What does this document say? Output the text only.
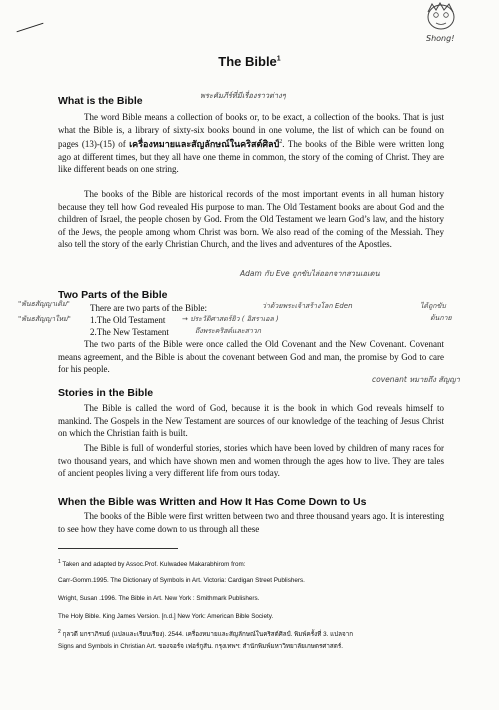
Shong!
The Bible$^1$
What is the Bible	พระคัมภีร์ที่มีเรื่องราวต่างๆ
The word Bible means a collection of books or, to be exact, a collection of the books. That is just what the Bible is, a library of sixty-six books bound in one volume, the list of which can be found on pages (13)-(15) of เครื่องหมายและสัญลักษณ์ในคริสต์ศิลป์$^2$. The books of the Bible were written long ago at different times, but they all have one theme in common, the story of the coming of Christ. They are like different beads on one string.
The books of the Bible are historical records of the most important events in all human history because they tell how God revealed His purpose to man. The Old Testament books are about God and the children of Israel, the people chosen by God. From the Old Testament we learn God’s law, and the history of the Jews, the people among whom Christ was born. We also read of the coming of the Messiah. They also tell the story of the early Christian Church, and the lives and adventures of the Apostles.
Adam กับ Eve ถูกขับไล่ออกจากสวนเอเดน
Two Parts of the Bible
"พันธสัญญาเดิม"
"พันธสัญญาใหม่"
There are two parts of the Bible:	ว่าด้วยพระเจ้าสร้างโลก Eden	ได้ถูกขับ
1.The Old Testament → ประวัติศาสตร์ยิว ( อิสราเอล )	ต้นกาย
2.The New Testament	ถึงพระคริสต์และสาวก
The two parts of the Bible were once called the Old Covenant and the New Covenant. Covenant means agreement, and the Bible is about the covenant between God and man, the promise by God to care for his people.
covenant หมายถึง สัญญา
Stories in the Bible
The Bible is called the word of God, because it is the book in which God reveals himself to mankind. The Gospels in the New Testament are sources of our knowledge of the teaching of Jesus Christ on which the Christian faith is built.
The Bible is full of wonderful stories, stories which have been loved by children of many races for two thousand years, and which have shown men and women through the ages how to live. They are tales of ancient peoples living a very different life from ours today.
When the Bible was Written and How It Has Come Down to Us
The books of the Bible were first written between two and three thousand years ago. It is interesting to see how they have come down to us through all these
$^1$ Taken and adapted by Assoc.Prof. Kulwadee Makarabhirom from:
Carr-Gomm.1995. The Dictionary of Symbols in Art. Victoria: Cardigan Street Publishers.
Wright, Susan .1996. The Bible in Art. New York : Smithmark Publishers.
The Holy Bible. King James Version. [n.d.] New York: American Bible Society.
$^2$ กุลวดี มกราภิรมย์ (แปลและเรียบเรียง). 2544. เครื่องหมายและสัญลักษณ์ในคริสต์ศิลป์. พิมพ์ครั้งที่ 3. แปลจาก
Signs and Symbols in Christian Art. ของจอร์จ เฟอร์กูสัน. กรุงเทพฯ: สำนักพิมพ์มหาวิทยาลัยเกษตรศาสตร์.
